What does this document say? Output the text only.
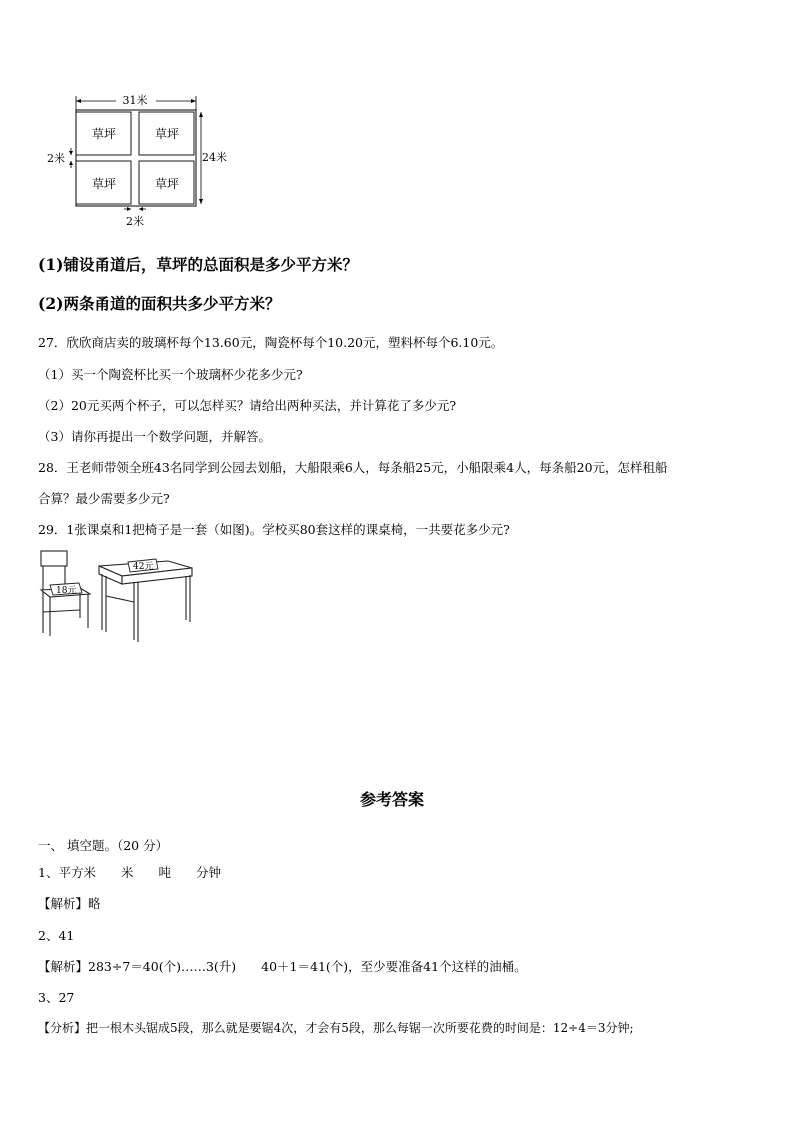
31米
24米
草坪	草坪
草坪	草坪
2米
2米
(1)铺设甬道后，草坪的总面积是多少平方米？
(2)两条甬道的面积共多少平方米？
27．欣欣商店卖的玻璃杯每个13.60元，陶瓷杯每个10.20元，塑料杯每个6.10元。
（1）买一个陶瓷杯比买一个玻璃杯少花多少元?
（2）20元买两个杯子，可以怎样买？请给出两种买法，并计算花了多少元?
（3）请你再提出一个数学问题，并解答。
28．王老师带领全班43名同学到公园去划船，大船限乘6人，每条船25元，小船限乘4人，每条船20元，怎样租船
合算？最少需要多少元?
29．1张课桌和1把椅子是一套（如图)。学校买80套这样的课桌椅，一共要花多少元?
18元
42元
参考答案
一、 填空题。（20 分）
1、平方米　　米　　吨　　分钟
【解析】略
2、41
【解析】283÷7＝40(个)……3(升)　　40＋1＝41(个)，至少要准备41个这样的油桶。
3、27
【分析】把一根木头锯成5段，那么就是要锯4次，才会有5段，那么每锯一次所要花费的时间是：12÷4＝3分钟;
